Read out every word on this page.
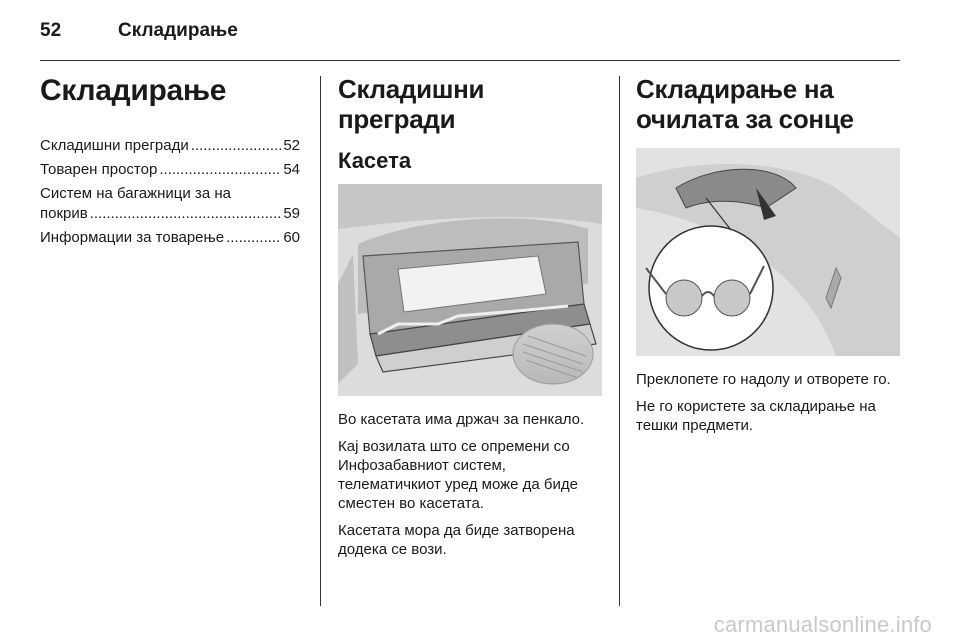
52	Складирање
Складирање
Складишни прегради .....	52
Товарен простор .....	54
Систем на багажници за на
покрив .....	59
Информации за товарење .....	60
Складишни прегради
Касета

Во касетата има држач за пенкало.

Кај возилата што се опремени со Инфозабавниот систем, телематичкиот уред може да биде сместен во касетата.

Касетата мора да биде затворена додека се вози.

Складирање на очилата за сонце

Преклопете го надолу и отворете го.

Не го користете за складирање на тешки предмети.

carmanualsonline.info
